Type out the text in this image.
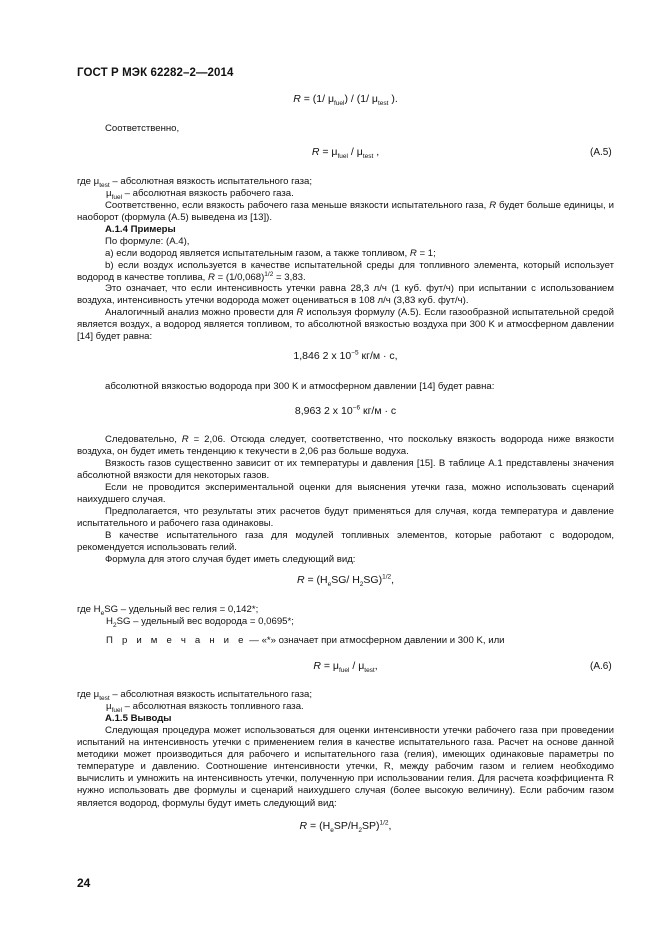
ГОСТ Р МЭК 62282–2—2014
R = (1/ $\mu_{fuel}) / (1/$ $\mu_{test}$ ).

Соответственно,

$R = \mu_{fuel} / \mu_{test}$ ,	(A.5)

где $\mu_{test}$ – абсолютная вязкость испытательного газа;

$\mu_{fuel}$ – абсолютная вязкость рабочего газа.

Соответственно, если вязкость рабочего газа меньше вязкости испытательного газа, R будет больше единицы, и наоборот (формула (А.5) выведена из [13]).

А.1.4 Примеры

По формуле: (А.4),

а) если водород является испытательным газом, а также топливом, R = 1;

b) если воздух используется в качестве испытательной среды для топливного элемента, который использует водород в качестве топлива, $R = (1/0,068)^{1/2} = 3,83$.

Это означает, что если интенсивность утечки равна 28,3 л/ч (1 куб. фут/ч) при испытании с использованием воздуха, интенсивность утечки водорода может оцениваться в 108 л/ч (3,83 куб. фут/ч).

Аналогичный анализ можно провести для R используя формулу (А.5). Если газообразной испытательной средой является воздух, а водород является топливом, то абсолютной вязкостью воздуха при 300 K и атмосферном давлении [14] будет равна:

1,846 2 x $10^{-5}$ кг/м · с,

абсолютной вязкостью водорода при 300 K и атмосферном давлении [14] будет равна:

8,963 2 x $10^{-6}$ кг/м · с

Следовательно, R = 2,06. Отсюда следует, соответственно, что поскольку вязкость водорода ниже вязкости воздуха, он будет иметь тенденцию к текучести в 2,06 раз больше водуха.

Вязкость газов существенно зависит от их температуры и давления [15]. В таблице А.1 представлены значения абсолютной вязкости для некоторых газов.

Если не проводится экспериментальной оценки для выяснения утечки газа, можно использовать сценарий наихудшего случая.

Предполагается, что результаты этих расчетов будут применяться для случая, когда температура и давление испытательного и рабочего газа одинаковы.

В качестве испытательного газа для модулей топливных элементов, которые работают с водородом, рекомендуется использовать гелий.

Формула для этого случая будет иметь следующий вид:

$R = (H_eSG/$ $H_2SG)^{1/2}$,

где $H_eSG$ – удельный вес гелия = 0,142*;

$H_2SG$ – удельный вес водорода = 0,0695*;

П р и м е ч а н и е — «*» означает при атмосферном давлении и 300 K, или

$R = \mu_{fuel} / \mu_{test}$,	(A.6)

где $\mu_{test}$ – абсолютная вязкость испытательного газа;

$\mu_{fuel}$ – абсолютная вязкость топливного газа.

А.1.5 Выводы

Следующая процедура может использоваться для оценки интенсивности утечки рабочего газа при проведении испытаний на интенсивность утечки с применением гелия в качестве испытательного газа. Расчет на основе данной методики может производиться для рабочего и испытательного газа (гелия), имеющих одинаковые параметры по температуре и давлению. Соотношение интенсивности утечки, R, между рабочим газом и гелием необходимо вычислить и умножить на интенсивность утечки, полученную при использовании гелия. Для расчета коэффициента R нужно использовать две формулы и сценарий наихудшего случая (более высокую величину). Если рабочим газом является водород, формулы будут иметь следующий вид:

$R = (H_eSP/H_2SP)^{1/2}$,
24
